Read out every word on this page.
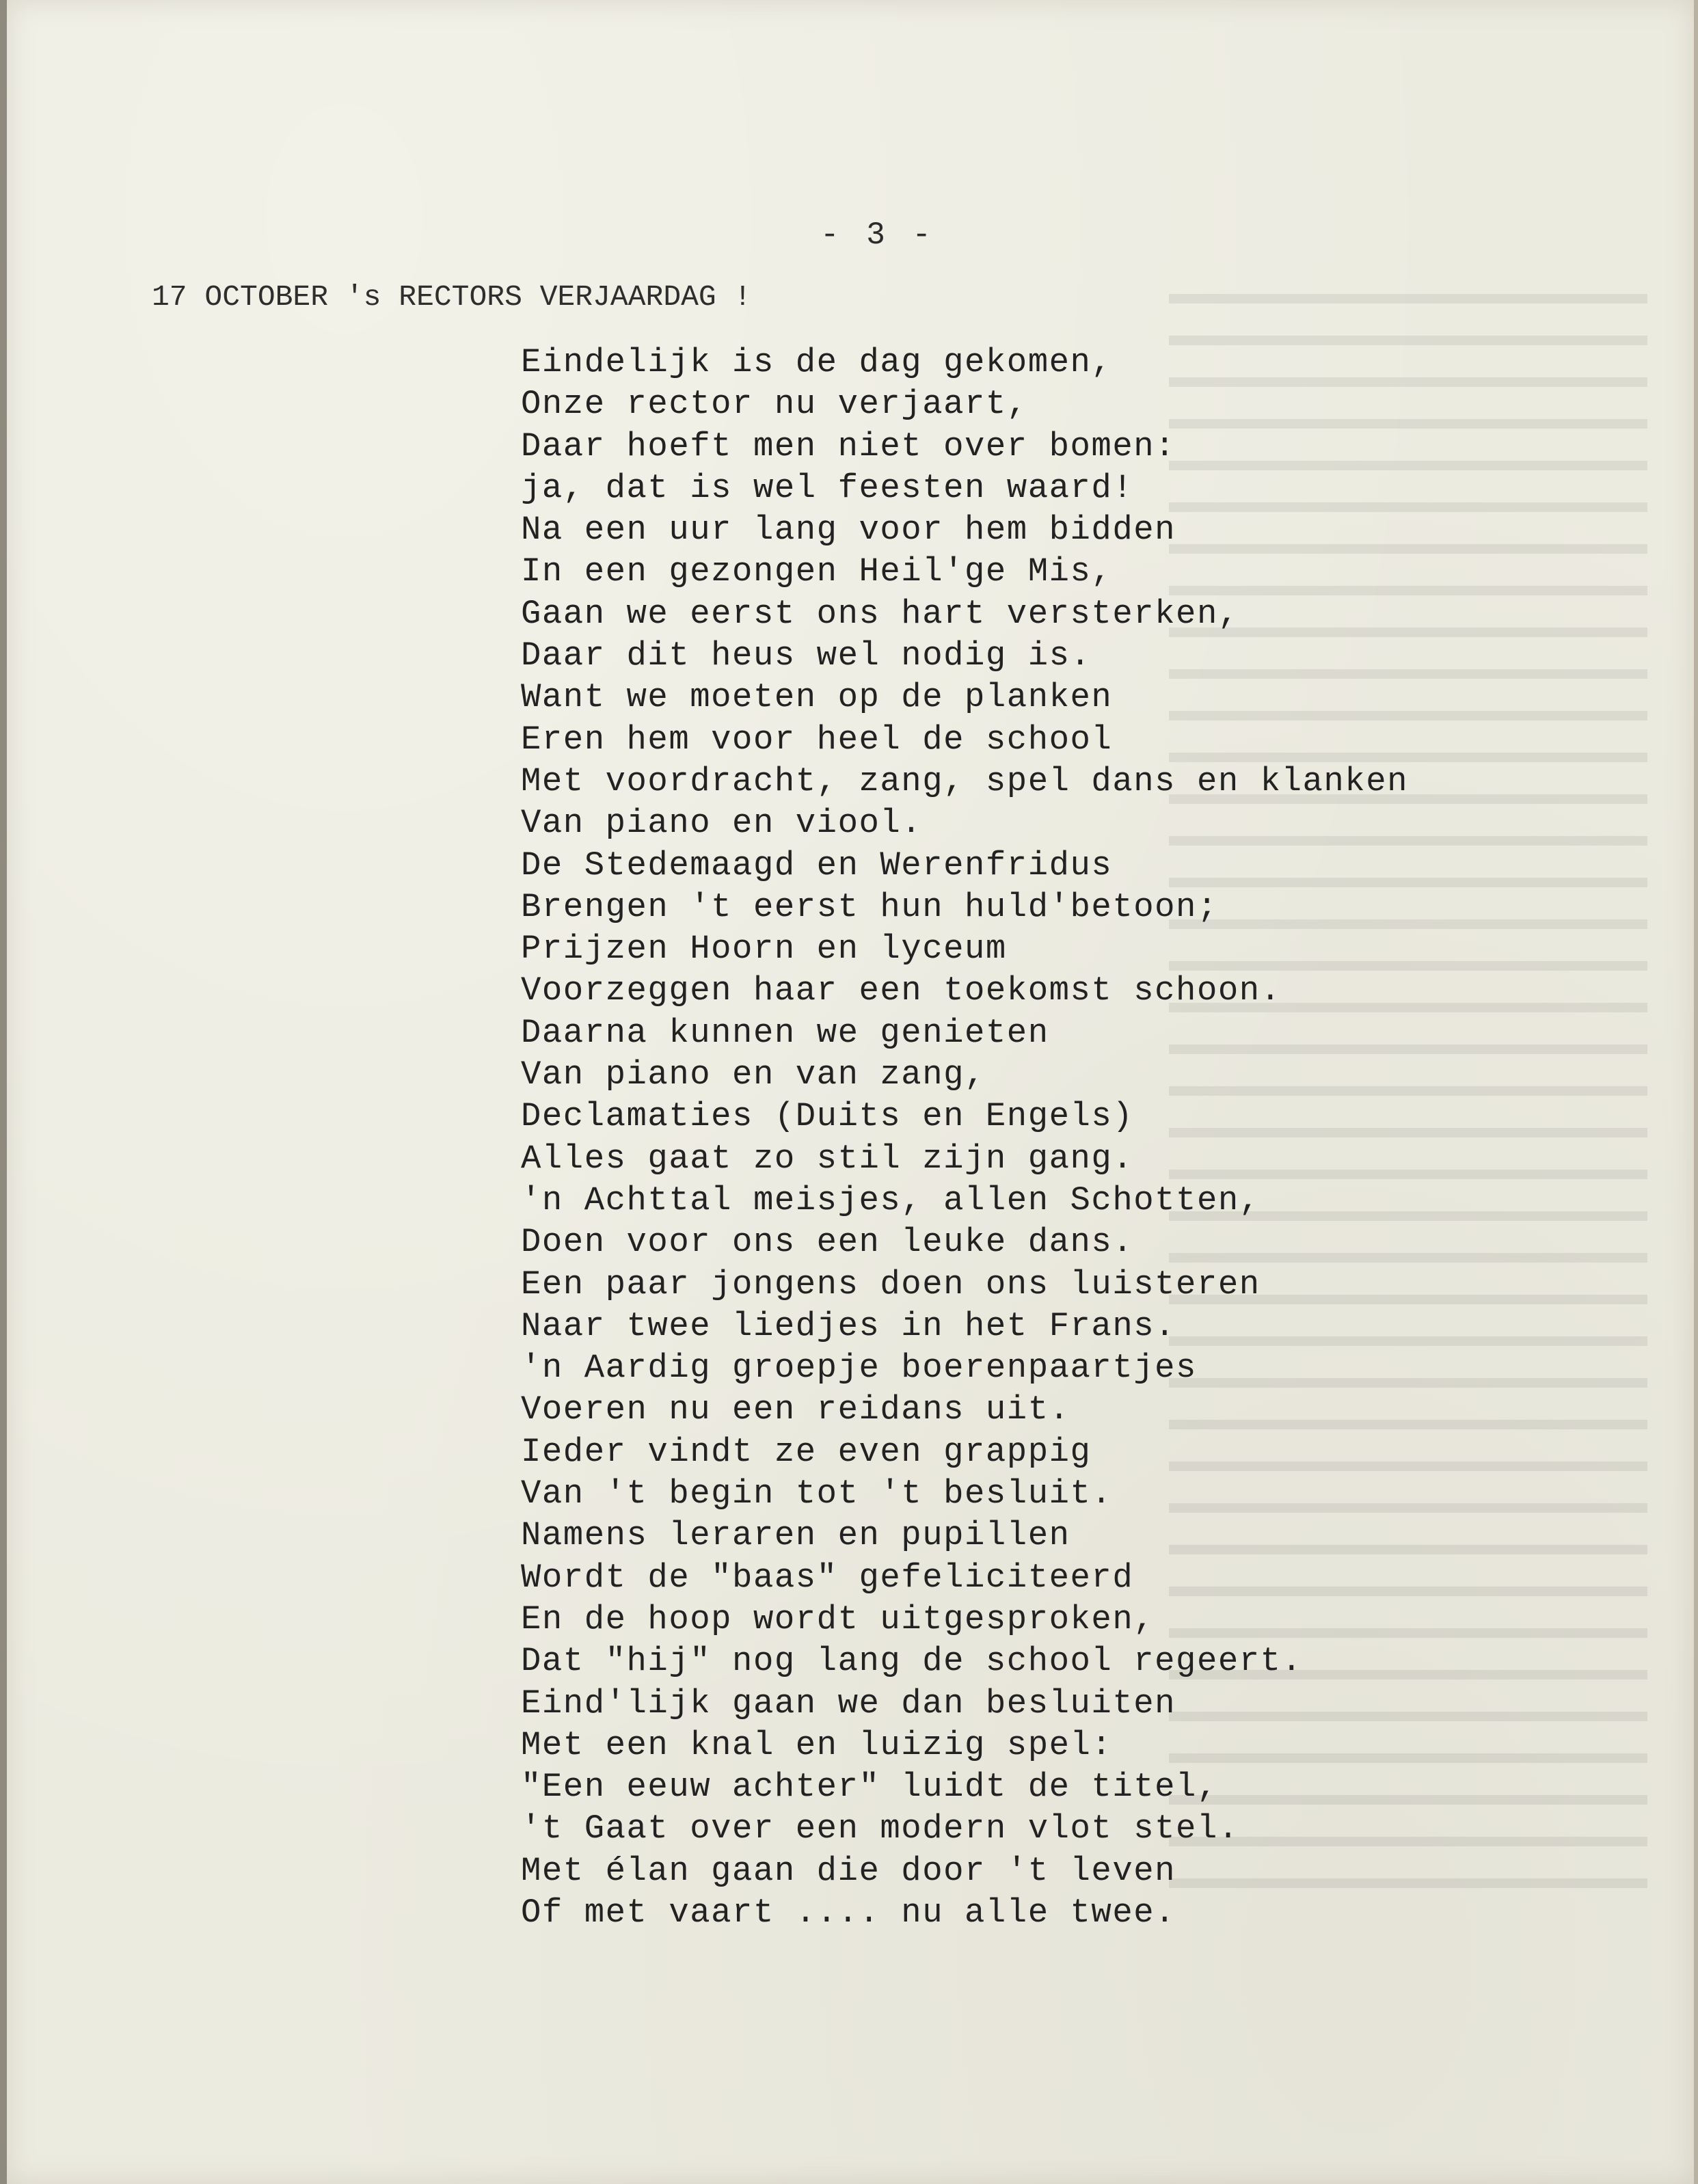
- 3 -
17 OCTOBER 's RECTORS VERJAARDAG !
Eindelijk is de dag gekomen,
Onze rector nu verjaart,
Daar hoeft men niet over bomen:
ja, dat is wel feesten waard!
Na een uur lang voor hem bidden
In een gezongen Heil'ge Mis,
Gaan we eerst ons hart versterken,
Daar dit heus wel nodig is.
Want we moeten op de planken
Eren hem voor heel de school
Met voordracht, zang, spel dans en klanken
Van piano en viool.
De Stedemaagd en Werenfridus
Brengen 't eerst hun huld'betoon;
Prijzen Hoorn en lyceum
Voorzeggen haar een toekomst schoon.
Daarna kunnen we genieten
Van piano en van zang,
Declamaties (Duits en Engels)
Alles gaat zo stil zijn gang.
'n Achttal meisjes, allen Schotten,
Doen voor ons een leuke dans.
Een paar jongens doen ons luisteren
Naar twee liedjes in het Frans.
'n Aardig groepje boerenpaartjes
Voeren nu een reidans uit.
Ieder vindt ze even grappig
Van 't begin tot 't besluit.
Namens leraren en pupillen
Wordt de "baas" gefeliciteerd
En de hoop wordt uitgesproken,
Dat "hij" nog lang de school regeert.
Eind'lijk gaan we dan besluiten
Met een knal en luizig spel:
"Een eeuw achter" luidt de titel,
't Gaat over een modern vlot stel.
Met élan gaan die door 't leven
Of met vaart .... nu alle twee.
